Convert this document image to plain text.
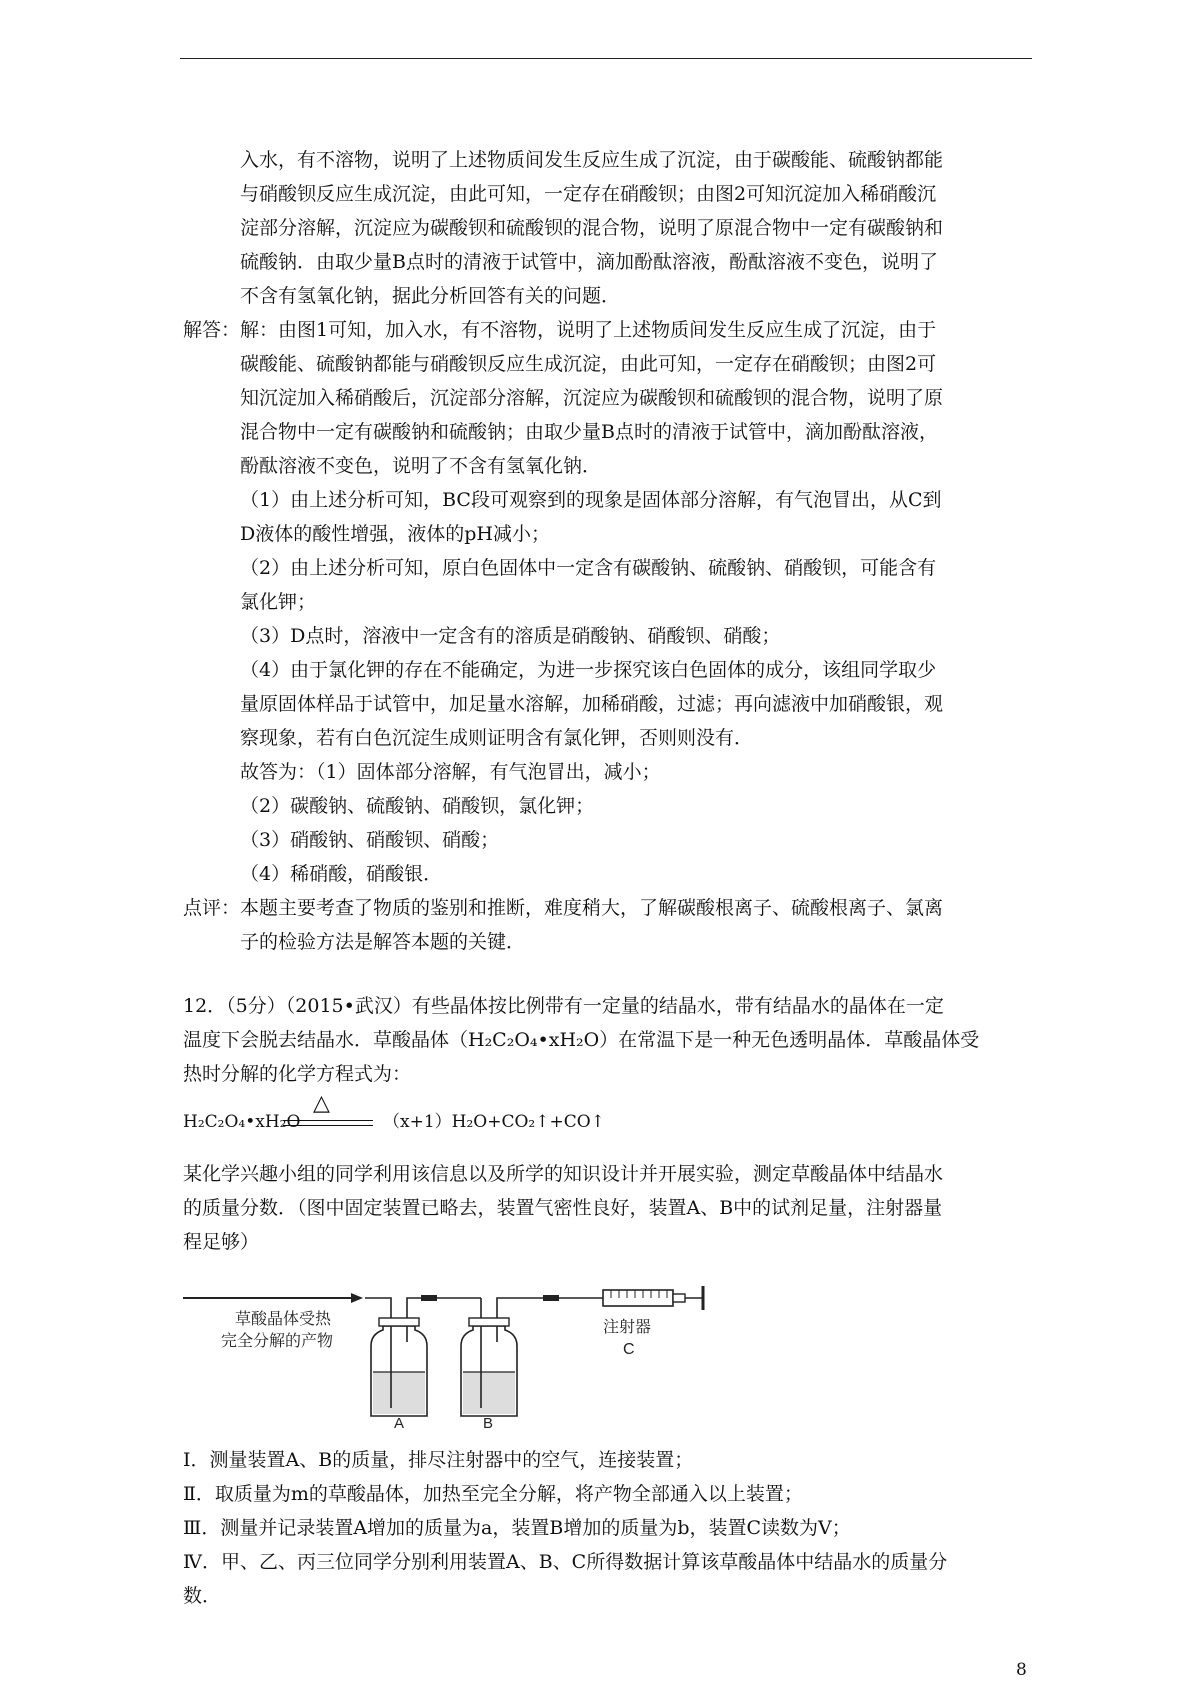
入水，有不溶物，说明了上述物质间发生反应生成了沉淀，由于碳酸能、硫酸钠都能
与硝酸钡反应生成沉淀，由此可知，一定存在硝酸钡；由图2可知沉淀加入稀硝酸沉
淀部分溶解，沉淀应为碳酸钡和硫酸钡的混合物，说明了原混合物中一定有碳酸钠和
硫酸钠．由取少量B点时的清液于试管中，滴加酚酞溶液，酚酞溶液不变色，说明了
不含有氢氧化钠，据此分析回答有关的问题．
解答： 解：由图1可知，加入水，有不溶物，说明了上述物质间发生反应生成了沉淀，由于
碳酸能、硫酸钠都能与硝酸钡反应生成沉淀，由此可知，一定存在硝酸钡；由图2可
知沉淀加入稀硝酸后，沉淀部分溶解，沉淀应为碳酸钡和硫酸钡的混合物，说明了原
混合物中一定有碳酸钠和硫酸钠；由取少量B点时的清液于试管中，滴加酚酞溶液，
酚酞溶液不变色，说明了不含有氢氧化钠．
（1）由上述分析可知，BC段可观察到的现象是固体部分溶解，有气泡冒出，从C到
D液体的酸性增强，液体的pH减小；
（2）由上述分析可知，原白色固体中一定含有碳酸钠、硫酸钠、硝酸钡，可能含有
氯化钾；
（3）D点时，溶液中一定含有的溶质是硝酸钠、硝酸钡、硝酸；
（4）由于氯化钾的存在不能确定，为进一步探究该白色固体的成分，该组同学取少
量原固体样品于试管中，加足量水溶解，加稀硝酸，过滤；再向滤液中加硝酸银，观
察现象，若有白色沉淀生成则证明含有氯化钾，否则则没有．
故答为：（1）固体部分溶解，有气泡冒出，减小；
（2）碳酸钠、硫酸钠、硝酸钡，氯化钾；
（3）硝酸钠、硝酸钡、硝酸；
（4）稀硝酸，硝酸银．
点评： 本题主要考查了物质的鉴别和推断，难度稍大，了解碳酸根离子、硫酸根离子、氯离
子的检验方法是解答本题的关键．
12．（5分）（2015•武汉）有些晶体按比例带有一定量的结晶水，带有结晶水的晶体在一定
温度下会脱去结晶水．草酸晶体（H₂C₂O₄•xH₂O）在常温下是一种无色透明晶体．草酸晶体受
热时分解的化学方程式为：
H₂C₂O₄•xH₂O
△
（x+1）H₂O+CO₂↑+CO↑
某化学兴趣小组的同学利用该信息以及所学的知识设计并开展实验，测定草酸晶体中结晶水
的质量分数．（图中固定装置已略去，装置气密性良好，装置A、B中的试剂足量，注射器量
程足够）
草酸晶体受热
完全分解的产物
A	B
注射器
C
Ⅰ．测量装置A、B的质量，排尽注射器中的空气，连接装置；
Ⅱ．取质量为m的草酸晶体，加热至完全分解，将产物全部通入以上装置；
Ⅲ．测量并记录装置A增加的质量为a，装置B增加的质量为b，装置C读数为V；
Ⅳ．甲、乙、丙三位同学分别利用装置A、B、C所得数据计算该草酸晶体中结晶水的质量分
数．
8
